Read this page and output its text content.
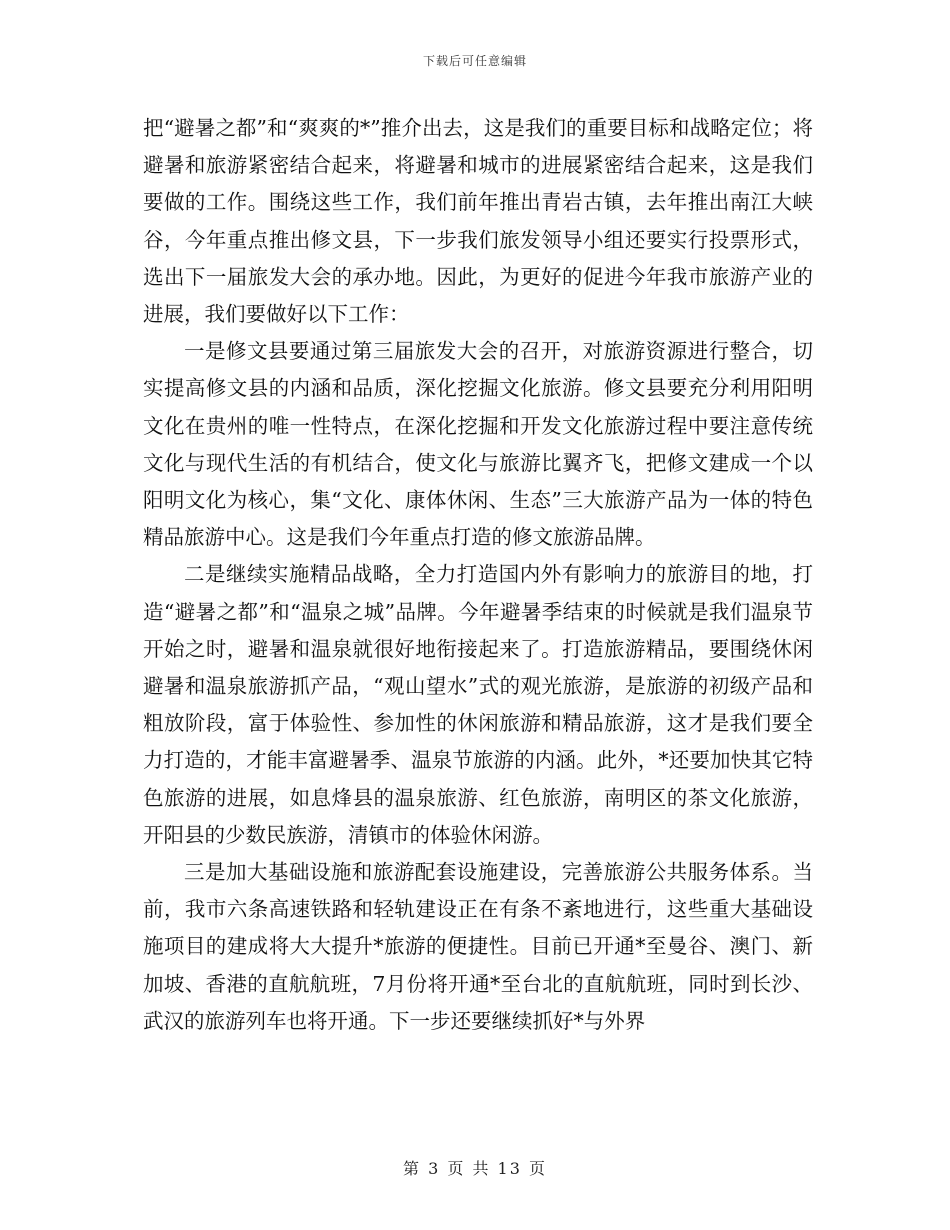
下载后可任意编辑

把“避暑之都”和“爽爽的*”推介出去，这是我们的重要目标和战略定位；将避暑和旅游紧密结合起来，将避暑和城市的进展紧密结合起来，这是我们要做的工作。围绕这些工作，我们前年推出青岩古镇，去年推出南江大峡谷，今年重点推出修文县，下一步我们旅发领导小组还要实行投票形式，选出下一届旅发大会的承办地。因此，为更好的促进今年我市旅游产业的进展，我们要做好以下工作：

一是修文县要通过第三届旅发大会的召开，对旅游资源进行整合，切实提高修文县的内涵和品质，深化挖掘文化旅游。修文县要充分利用阳明文化在贵州的唯一性特点，在深化挖掘和开发文化旅游过程中要注意传统文化与现代生活的有机结合，使文化与旅游比翼齐飞，把修文建成一个以阳明文化为核心，集“文化、康体休闲、生态”三大旅游产品为一体的特色精品旅游中心。这是我们今年重点打造的修文旅游品牌。

二是继续实施精品战略，全力打造国内外有影响力的旅游目的地，打造“避暑之都”和“温泉之城”品牌。今年避暑季结束的时候就是我们温泉节开始之时，避暑和温泉就很好地衔接起来了。打造旅游精品，要围绕休闲避暑和温泉旅游抓产品，“观山望水”式的观光旅游，是旅游的初级产品和粗放阶段，富于体验性、参加性的休闲旅游和精品旅游，这才是我们要全力打造的，才能丰富避暑季、温泉节旅游的内涵。此外，*还要加快其它特色旅游的进展，如息烽县的温泉旅游、红色旅游，南明区的茶文化旅游，开阳县的少数民族游，清镇市的体验休闲游。

三是加大基础设施和旅游配套设施建设，完善旅游公共服务体系。当前，我市六条高速铁路和轻轨建设正在有条不紊地进行，这些重大基础设施项目的建成将大大提升*旅游的便捷性。目前已开通*至曼谷、澳门、新加坡、香港的直航航班，7月份将开通*至台北的直航航班，同时到长沙、武汉的旅游列车也将开通。下一步还要继续抓好*与外界

第 3 页 共 13 页
